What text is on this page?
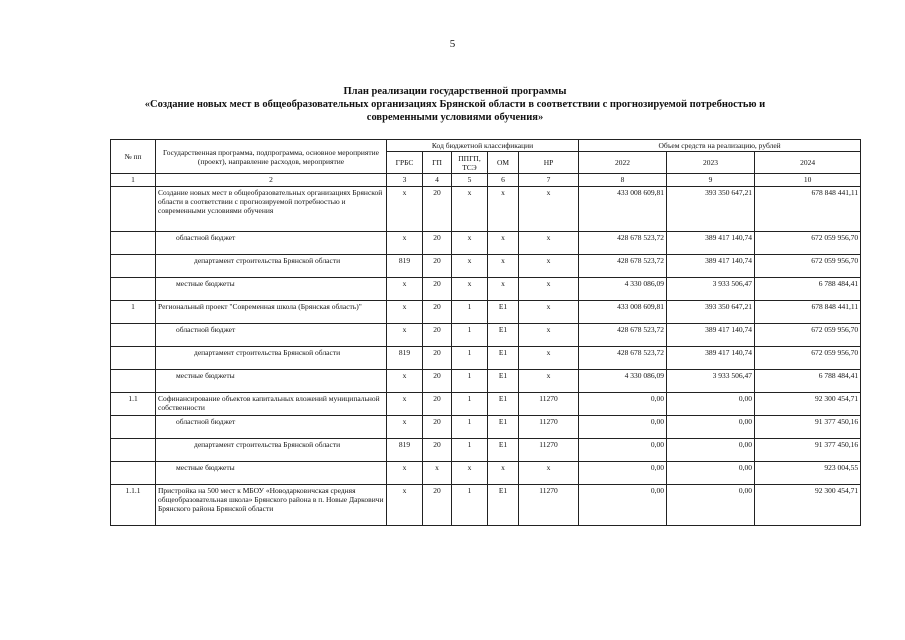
5
План реализации государственной программы
«Создание новых мест в общеобразовательных организациях Брянской области в соответствии с прогнозируемой потребностью и
современными условиями обучения»
№ пп	Государственная программа, подпрограмма, основное мероприятие (проект), направление расходов, мероприятие	Код бюджетной классификации					Объем средств на реализацию, рублей		
		ГРБС	ГП	ППГП, ТСЭ	ОМ	НР	2022	2023	2024
1	2	3	4	5	6	7	8	9	10
	Создание новых мест в общеобразовательных организациях Брянской области в соответствии с прогнозируемой потребностью и современными условиями обучения	х	20	х	х	х	433 008 609,81	393 350 647,21	678 848 441,11
	областной бюджет	х	20	х	х	х	428 678 523,72	389 417 140,74	672 059 956,70
	департамент строительства Брянской области	819	20	х	х	х	428 678 523,72	389 417 140,74	672 059 956,70
	местные бюджеты	х	20	х	х	х	4 330 086,09	3 933 506,47	6 788 484,41
1	Региональный проект "Современная школа (Брянская область)"	х	20	1	Е1	х	433 008 609,81	393 350 647,21	678 848 441,11
	областной бюджет	х	20	1	Е1	х	428 678 523,72	389 417 140,74	672 059 956,70
	департамент строительства Брянской области	819	20	1	Е1	х	428 678 523,72	389 417 140,74	672 059 956,70
	местные бюджеты	х	20	1	Е1	х	4 330 086,09	3 933 506,47	6 788 484,41
1.1	Софинансирование объектов капитальных вложений муниципальной собственности	х	20	1	Е1	11270	0,00	0,00	92 300 454,71
	областной бюджет	х	20	1	Е1	11270	0,00	0,00	91 377 450,16
	департамент строительства Брянской области	819	20	1	Е1	11270	0,00	0,00	91 377 450,16
	местные бюджеты	х	х	х	х	х	0,00	0,00	923 004,55
1.1.1	Пристройка на 500 мест к МБОУ «Новодарковичская средняя общеобразовательная школа» Брянского района в п. Новые Дарковичи Брянского района Брянской области	х	20	1	Е1	11270	0,00	0,00	92 300 454,71
